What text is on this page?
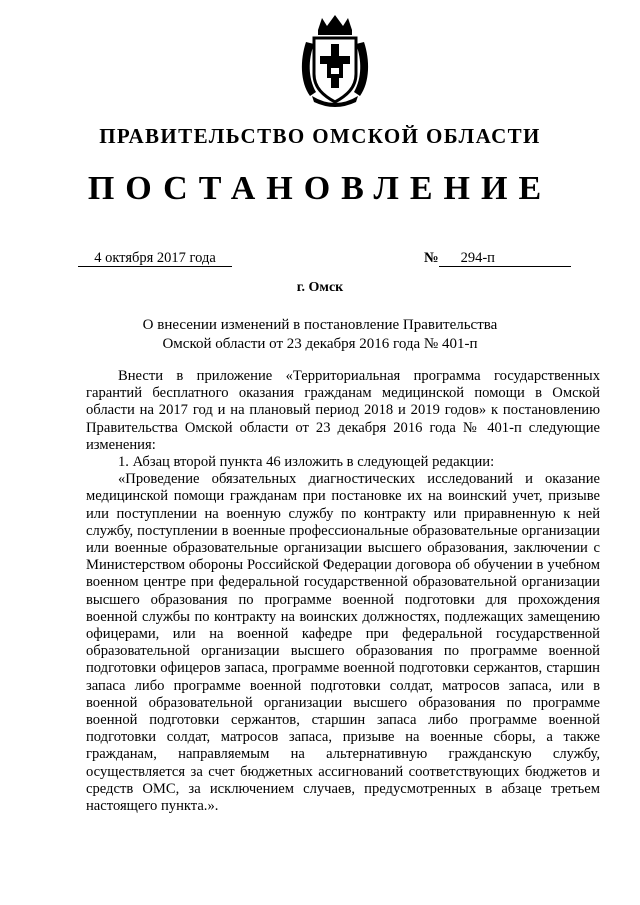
ПРАВИТЕЛЬСТВО ОМСКОЙ ОБЛАСТИ
ПОСТАНОВЛЕНИЕ
4 октября 2017 года	№ 294-п
г. Омск
О внесении изменений в постановление Правительства
Омской области от 23 декабря 2016 года № 401-п

Внести в приложение «Территориальная программа государственных гарантий бесплатного оказания гражданам медицинской помощи в Омской области на 2017 год и на плановый период 2018 и 2019 годов» к постановлению Правительства Омской области от 23 декабря 2016 года № 401-п следующие изменения:

1. Абзац второй пункта 46 изложить в следующей редакции:

«Проведение обязательных диагностических исследований и оказание медицинской помощи гражданам при постановке их на воинский учет, призыве или поступлении на военную службу по контракту или приравненную к ней службу, поступлении в военные профессиональные образовательные организации или военные образовательные организации высшего образования, заключении с Министерством обороны Российской Федерации договора об обучении в учебном военном центре при федеральной государственной образовательной организации высшего образования по программе военной подготовки для прохождения военной службы по контракту на воинских должностях, подлежащих замещению офицерами, или на военной кафедре при федеральной государственной образовательной организации высшего образования по программе военной подготовки офицеров запаса, программе военной подготовки сержантов, старшин запаса либо программе военной подготовки солдат, матросов запаса, или в военной образовательной организации высшего образования по программе военной подготовки сержантов, старшин запаса либо программе военной подготовки солдат, матросов запаса, призыве на военные сборы, а также гражданам, направляемым на альтернативную гражданскую службу, осуществляется за счет бюджетных ассигнований соответствующих бюджетов и средств ОМС, за исключением случаев, предусмотренных в абзаце третьем настоящего пункта.».
